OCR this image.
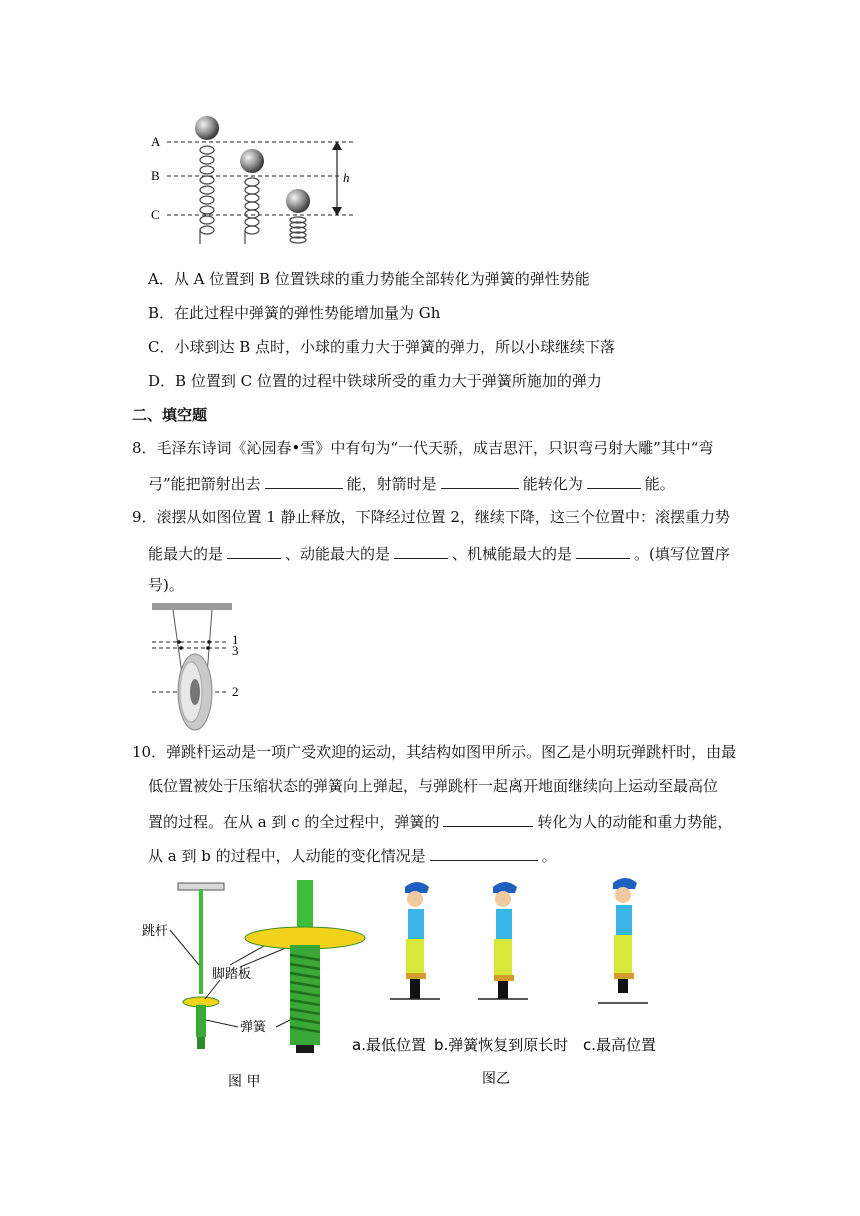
A
B
C
h
A．从 A 位置到 B 位置铁球的重力势能全部转化为弹簧的弹性势能
B．在此过程中弹簧的弹性势能增加量为 Gh
C．小球到达 B 点时，小球的重力大于弹簧的弹力，所以小球继续下落
D．B 位置到 C 位置的过程中铁球所受的重力大于弹簧所施加的弹力
二、填空题
8．毛泽东诗词《沁园春•雪》中有句为“一代天骄，成吉思汗，只识弯弓射大雕”其中“弯
弓”能把箭射出去	能，射箭时是	能转化为	能。
9．滚摆从如图位置 1 静止释放，下降经过位置 2，继续下降，这三个位置中：滚摆重力势
能最大的是	、动能最大的是	、机械能最大的是	。(填写位置序
号)。
1
3
2
10．弹跳杆运动是一项广受欢迎的运动，其结构如图甲所示。图乙是小明玩弹跳杆时，由最
低位置被处于压缩状态的弹簧向上弹起，与弹跳杆一起离开地面继续向上运动至最高位
置的过程。在从 a 到 c 的全过程中，弹簧的	转化为人的动能和重力势能，
从 a 到 b 的过程中，人动能的变化情况是	。
跳杆
脚踏板
弹簧
图 甲
a.最低位置 b.弹簧恢复到原长时 c.最高位置
图乙
